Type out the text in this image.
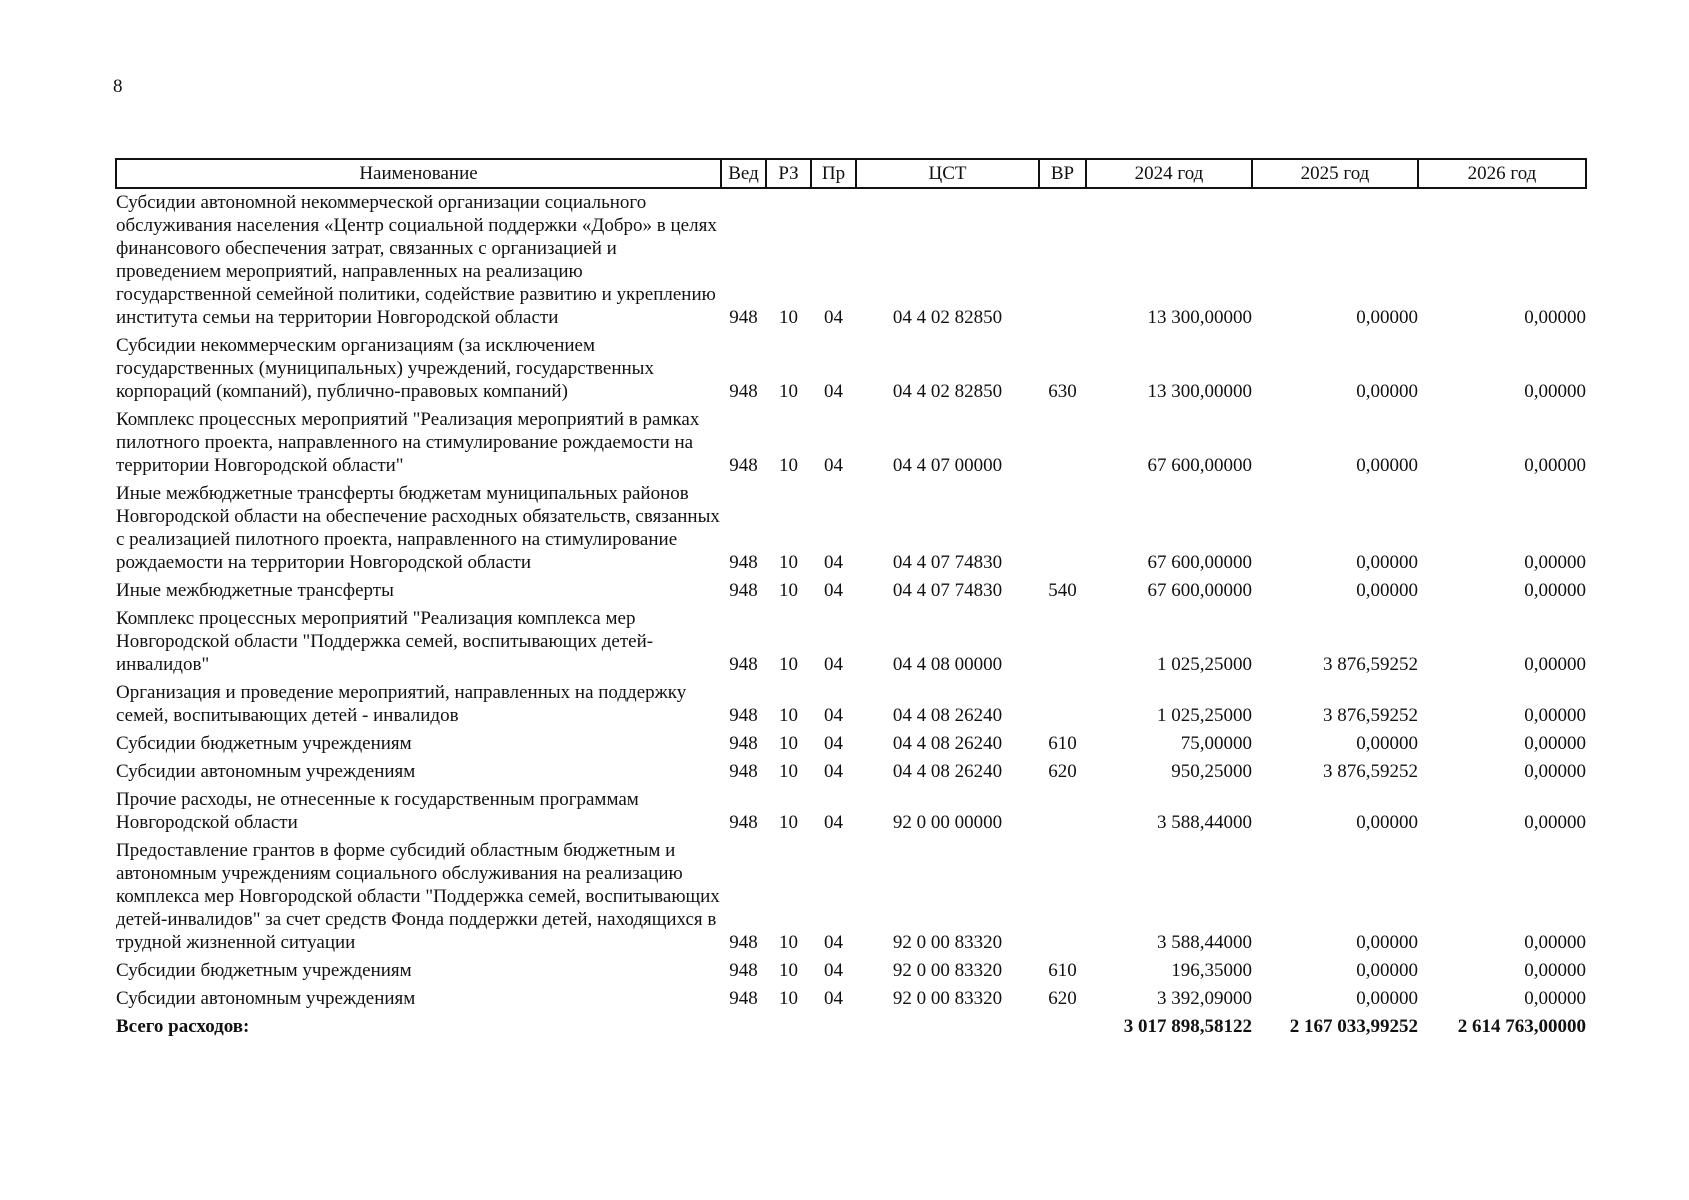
8
Наименование	Вед	РЗ	Пр	ЦСТ	ВР	2024 год	2025 год	2026 год
Субсидии автономной некоммерческой организации социального обслуживания населения «Центр социальной поддержки «Добро» в целях финансового обеспечения затрат, связанных с организацией и проведением мероприятий, направленных на реализацию государственной семейной политики, содействие развитию и укреплению института семьи на территории Новгородской области	948	10	04	04 4 02 82850		13 300,00000	0,00000	0,00000
Субсидии некоммерческим организациям (за исключением государственных (муниципальных) учреждений, государственных корпораций (компаний), публично-правовых компаний)	948	10	04	04 4 02 82850	630	13 300,00000	0,00000	0,00000
Комплекс процессных мероприятий "Реализация мероприятий в рамках пилотного проекта, направленного на стимулирование рождаемости на территории Новгородской области"	948	10	04	04 4 07 00000		67 600,00000	0,00000	0,00000
Иные межбюджетные трансферты бюджетам муниципальных районов Новгородской области на обеспечение расходных обязательств, связанных с реализацией пилотного проекта, направленного на стимулирование рождаемости на территории Новгородской области	948	10	04	04 4 07 74830		67 600,00000	0,00000	0,00000
Иные межбюджетные трансферты	948	10	04	04 4 07 74830	540	67 600,00000	0,00000	0,00000
Комплекс процессных мероприятий "Реализация комплекса мер Новгородской области "Поддержка семей, воспитывающих детей-инвалидов"	948	10	04	04 4 08 00000		1 025,25000	3 876,59252	0,00000
Организация и проведение мероприятий, направленных на поддержку семей, воспитывающих детей - инвалидов	948	10	04	04 4 08 26240		1 025,25000	3 876,59252	0,00000
Субсидии бюджетным учреждениям	948	10	04	04 4 08 26240	610	75,00000	0,00000	0,00000
Субсидии автономным учреждениям	948	10	04	04 4 08 26240	620	950,25000	3 876,59252	0,00000
Прочие расходы, не отнесенные к государственным программам Новгородской области	948	10	04	92 0 00 00000		3 588,44000	0,00000	0,00000
Предоставление грантов в форме субсидий областным бюджетным и автономным учреждениям социального обслуживания на реализацию комплекса мер Новгородской области "Поддержка семей, воспитывающих детей-инвалидов" за счет средств Фонда поддержки детей, находящихся в трудной жизненной ситуации	948	10	04	92 0 00 83320		3 588,44000	0,00000	0,00000
Субсидии бюджетным учреждениям	948	10	04	92 0 00 83320	610	196,35000	0,00000	0,00000
Субсидии автономным учреждениям	948	10	04	92 0 00 83320	620	3 392,09000	0,00000	0,00000
Всего расходов:						3 017 898,58122	2 167 033,99252	2 614 763,00000
